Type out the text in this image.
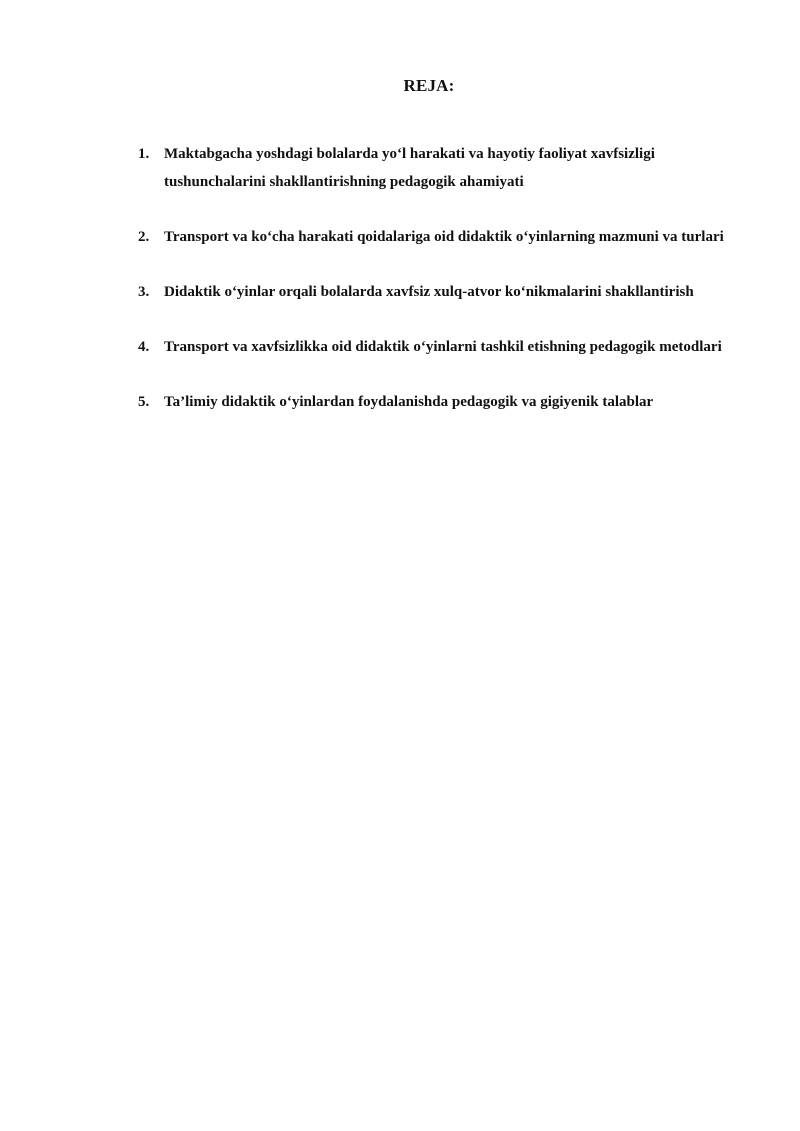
REJA:
1. Maktabgacha yoshdagi bolalarda yo‘l harakati va hayotiy faoliyat xavfsizligi tushunchalarini shakllantirishning pedagogik ahamiyati
2. Transport va ko‘cha harakati qoidalariga oid didaktik o‘yinlarning mazmuni va turlari
3. Didaktik o‘yinlar orqali bolalarda xavfsiz xulq-atvor ko‘nikmalarini shakllantirish
4. Transport va xavfsizlikka oid didaktik o‘yinlarni tashkil etishning pedagogik metodlari
5. Ta’limiy didaktik o‘yinlardan foydalanishda pedagogik va gigiyenik talablar
